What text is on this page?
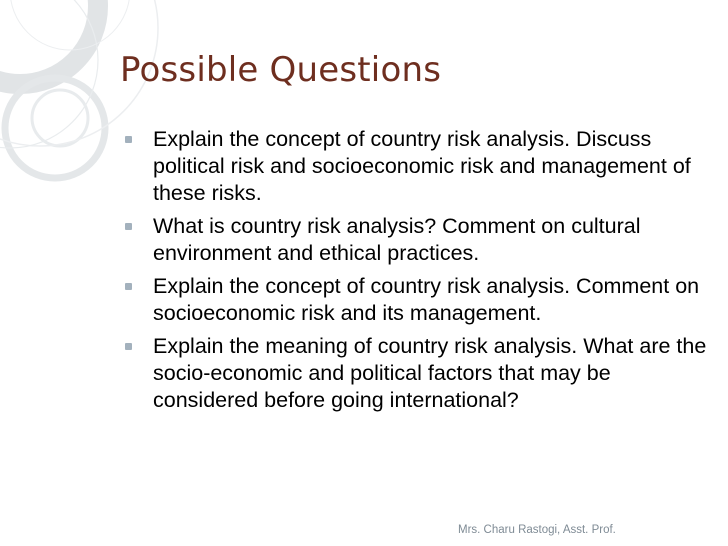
Possible Questions
Explain the concept of country risk analysis. Discuss political risk and socioeconomic risk and management of these risks.
What is country risk analysis? Comment on cultural environment and ethical practices.
Explain the concept of country risk analysis. Comment on socioeconomic risk and its management.
Explain the meaning of country risk analysis. What are the socio-economic and political factors that may be considered before going international?
Mrs. Charu Rastogi, Asst. Prof.
